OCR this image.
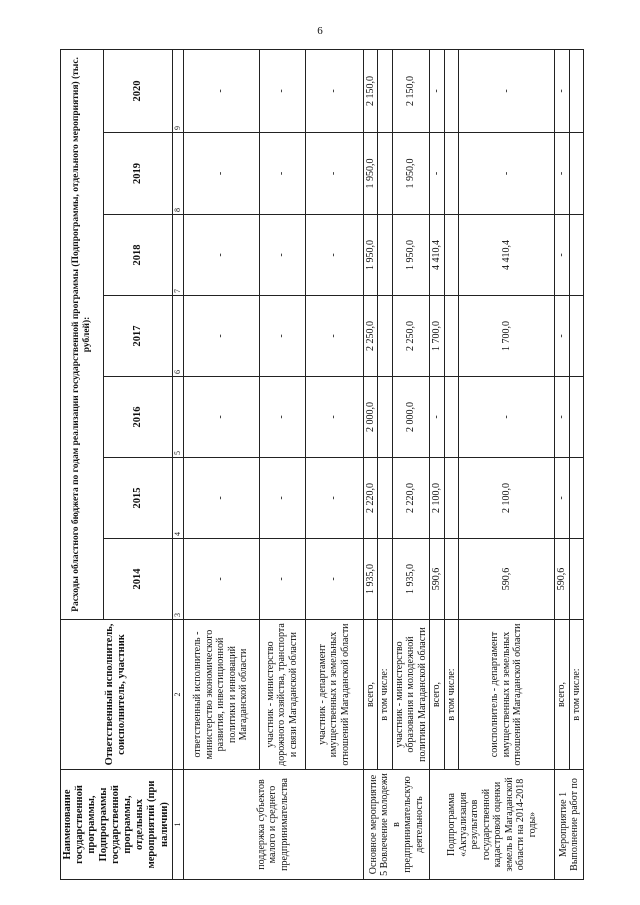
6
Наименование государственной программы, Подпрограммы государственной программы, отдельных мероприятий (при наличии)	Ответственный исполнитель, соисполнитель, участник	Расходы областного бюджета по годам реализации государственной программы (Подпрограммы, отдельного мероприятия) (тыс. рублей):						
		2014	2015	2016	2017	2018	2019	2020
1	2	3	4	5	6	7	8	9
поддержка субъектов малого и среднего предпринимательства	ответственный исполнитель - министерство экономического развития, инвестиционной политики и инноваций Магаданской области	-	-	-	-	-	-	-
	участник - министерство дорожного хозяйства, транспорта и связи Магаданской области	-	-	-	-	-	-	-
	участник - департамент имущественных и земельных отношений Магаданской области	-	-	-	-	-	-	-
Основное мероприятие 5 Вовлечение молодежи в предпринимательскую деятельность	всего,	1 935,0	2 220,0	2 000,0	2 250,0	1 950,0	1 950,0	2 150,0
	в том числе:							
	участник - министерство образования и молодежной политики Магаданской области	1 935,0	2 220,0	2 000,0	2 250,0	1 950,0	1 950,0	2 150,0
Подпрограмма «Актуализация результатов государственной кадастровой оценки земель в Магаданской области на 2014-2018 годы»	всего,	590,6	2 100,0	-	1 700,0	4 410,4	-	-
	в том числе:							
	соисполнитель - департамент имущественных и земельных отношений Магаданской области	590,6	2 100,0	-	1 700,0	4 410,4	-	-
Мероприятие 1 Выполнение работ по	всего,	590,6	-	-	-	-	-	-
	в том числе:							
